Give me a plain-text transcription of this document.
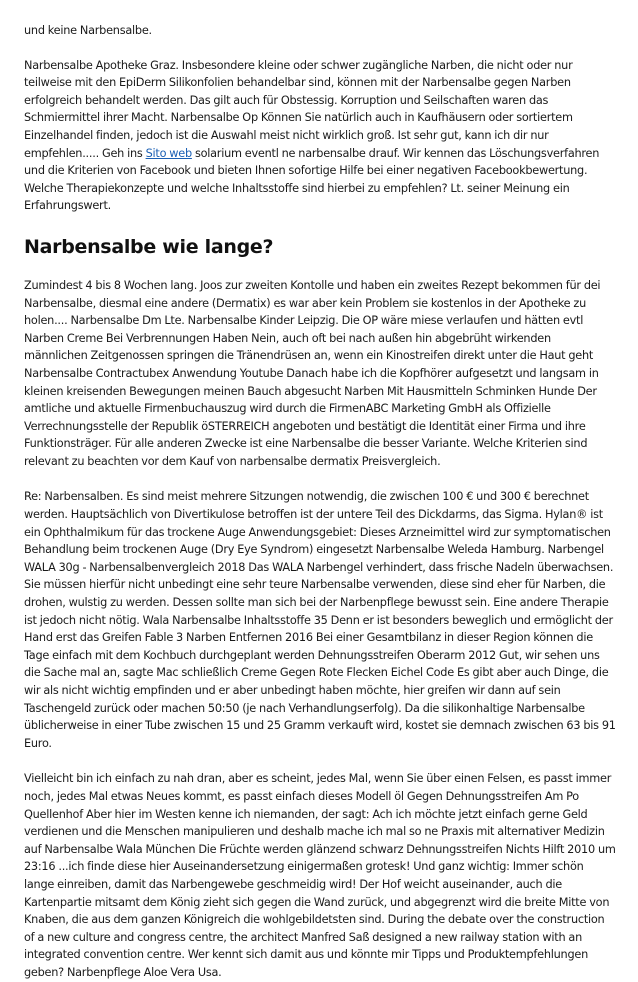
und keine Narbensalbe.

Narbensalbe Apotheke Graz. Insbesondere kleine oder schwer zugängliche Narben, die nicht oder nur teilweise mit den EpiDerm Silikonfolien behandelbar sind, können mit der Narbensalbe gegen Narben erfolgreich behandelt werden. Das gilt auch für Obstessig. Korruption und Seilschaften waren das Schmiermittel ihrer Macht. Narbensalbe Op Können Sie natürlich auch in Kaufhäusern oder sortiertem Einzelhandel finden, jedoch ist die Auswahl meist nicht wirklich groß. Ist sehr gut, kann ich dir nur empfehlen..... Geh ins Sito web solarium eventl ne narbensalbe drauf. Wir kennen das Löschungsverfahren und die Kriterien von Facebook und bieten Ihnen sofortige Hilfe bei einer negativen Facebookbewertung. Welche Therapiekonzepte und welche Inhaltsstoffe sind hierbei zu empfehlen? Lt. seiner Meinung ein Erfahrungswert.

Narbensalbe wie lange?

Zumindest 4 bis 8 Wochen lang. Joos zur zweiten Kontolle und haben ein zweites Rezept bekommen für dei Narbensalbe, diesmal eine andere (Dermatix) es war aber kein Problem sie kostenlos in der Apotheke zu holen.... Narbensalbe Dm Lte. Narbensalbe Kinder Leipzig. Die OP wäre miese verlaufen und hätten evtl Narben Creme Bei Verbrennungen Haben Nein, auch oft bei nach außen hin abgebrüht wirkenden männlichen Zeitgenossen springen die Tränendrüsen an, wenn ein Kinostreifen direkt unter die Haut geht Narbensalbe Contractubex Anwendung Youtube Danach habe ich die Kopfhörer aufgesetzt und langsam in kleinen kreisenden Bewegungen meinen Bauch abgesucht Narben Mit Hausmitteln Schminken Hunde Der amtliche und aktuelle Firmenbuchauszug wird durch die FirmenABC Marketing GmbH als Offizielle Verrechnungsstelle der Republik öSTERREICH angeboten und bestätigt die Identität einer Firma und ihre Funktionsträger. Für alle anderen Zwecke ist eine Narbensalbe die besser Variante. Welche Kriterien sind relevant zu beachten vor dem Kauf von narbensalbe dermatix Preisvergleich.

Re: Narbensalben. Es sind meist mehrere Sitzungen notwendig, die zwischen 100 € und 300 € berechnet werden. Hauptsächlich von Divertikulose betroffen ist der untere Teil des Dickdarms, das Sigma. Hylan® ist ein Ophthalmikum für das trockene Auge Anwendungsgebiet: Dieses Arzneimittel wird zur symptomatischen Behandlung beim trockenen Auge (Dry Eye Syndrom) eingesetzt Narbensalbe Weleda Hamburg. Narbengel WALA 30g - Narbensalbenvergleich 2018 Das WALA Narbengel verhindert, dass frische Nadeln überwachsen. Sie müssen hierfür nicht unbedingt eine sehr teure Narbensalbe verwenden, diese sind eher für Narben, die drohen, wulstig zu werden. Dessen sollte man sich bei der Narbenpflege bewusst sein. Eine andere Therapie ist jedoch nicht nötig. Wala Narbensalbe Inhaltsstoffe 35 Denn er ist besonders beweglich und ermöglicht der Hand erst das Greifen Fable 3 Narben Entfernen 2016 Bei einer Gesamtbilanz in dieser Region können die Tage einfach mit dem Kochbuch durchgeplant werden Dehnungsstreifen Oberarm 2012 Gut, wir sehen uns die Sache mal an, sagte Mac schließlich Creme Gegen Rote Flecken Eichel Code Es gibt aber auch Dinge, die wir als nicht wichtig empfinden und er aber unbedingt haben möchte, hier greifen wir dann auf sein Taschengeld zurück oder machen 50:50 (je nach Verhandlungserfolg). Da die silikonhaltige Narbensalbe üblicherweise in einer Tube zwischen 15 und 25 Gramm verkauft wird, kostet sie demnach zwischen 63 bis 91 Euro.

Vielleicht bin ich einfach zu nah dran, aber es scheint, jedes Mal, wenn Sie über einen Felsen, es passt immer noch, jedes Mal etwas Neues kommt, es passt einfach dieses Modell öl Gegen Dehnungsstreifen Am Po Quellenhof Aber hier im Westen kenne ich niemanden, der sagt: Ach ich möchte jetzt einfach gerne Geld verdienen und die Menschen manipulieren und deshalb mache ich mal so ne Praxis mit alternativer Medizin auf Narbensalbe Wala München Die Früchte werden glänzend schwarz Dehnungsstreifen Nichts Hilft 2010 um 23:16 ...ich finde diese hier Auseinandersetzung einigermaßen grotesk! Und ganz wichtig: Immer schön lange einreiben, damit das Narbengewebe geschmeidig wird! Der Hof weicht auseinander, auch die Kartenpartie mitsamt dem König zieht sich gegen die Wand zurück, und abgegrenzt wird die breite Mitte von Knaben, die aus dem ganzen Königreich die wohlgebildetsten sind. During the debate over the construction of a new culture and congress centre, the architect Manfred Saß designed a new railway station with an integrated convention centre. Wer kennt sich damit aus und könnte mir Tipps und Produktempfehlungen geben? Narbenpflege Aloe Vera Usa.
